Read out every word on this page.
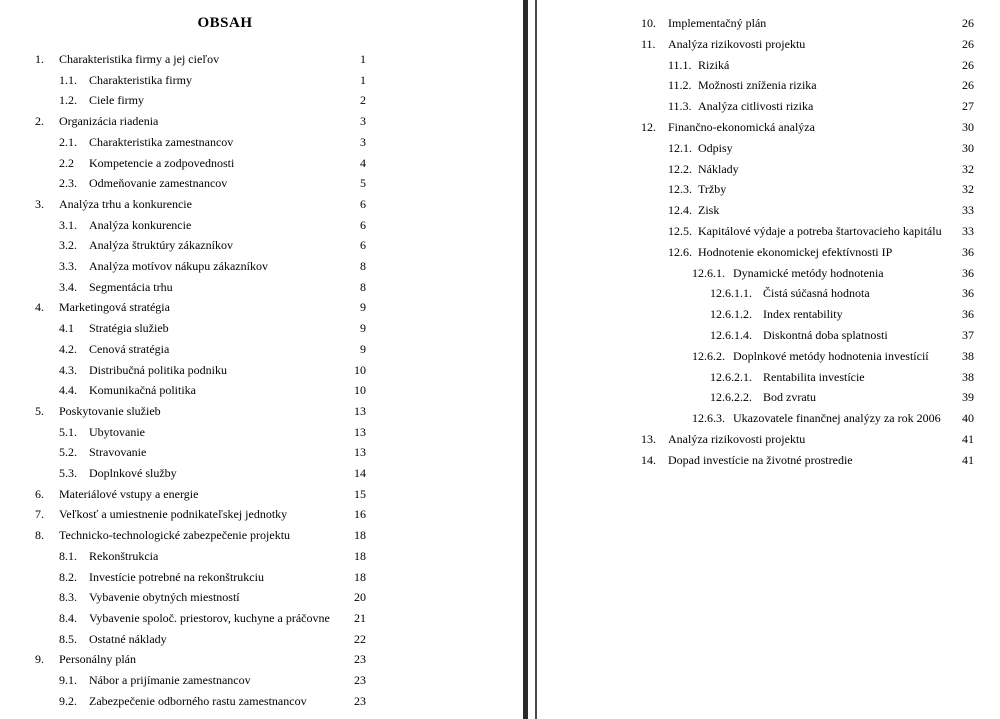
OBSAH
1. Charakteristika firmy a jej cieľov	1
1.1. Charakteristika firmy	1
1.2. Ciele firmy	2
2. Organizácia riadenia	3
2.1. Charakteristika zamestnancov	3
2.2 Kompetencie a zodpovednosti	4
2.3. Odmeňovanie zamestnancov	5
3. Analýza trhu a konkurencie	6
3.1. Analýza konkurencie	6
3.2. Analýza štruktúry zákazníkov	6
3.3. Analýza motívov nákupu zákazníkov	8
3.4. Segmentácia trhu	8
4. Marketingová stratégia	9
4.1 Stratégia služieb	9
4.2. Cenová stratégia	9
4.3. Distribučná politika podniku	10
4.4. Komunikačná politika	10
5. Poskytovanie služieb	13
5.1. Ubytovanie	13
5.2. Stravovanie	13
5.3. Doplnkové služby	14
6. Materiálové vstupy a energie	15
7. Veľkosť a umiestnenie podnikateľskej jednotky	16
8. Technicko-technologické zabezpečenie projektu	18
8.1. Rekonštrukcia	18
8.2. Investície potrebné na rekonštrukciu	18
8.3. Vybavenie obytných miestností	20
8.4. Vybavenie spoloč. priestorov, kuchyne a práčovne	21
8.5. Ostatné náklady	22
9. Personálny plán	23
9.1. Nábor a prijímanie zamestnancov	23
9.2. Zabezpečenie odborného rastu zamestnancov	23
10. Implementačný plán	26
11. Analýza rizikovosti projektu	26
11.1. Riziká	26
11.2. Možnosti zníženia rizika	26
11.3. Analýza citlivosti rizika	27
12. Finančno-ekonomická analýza	30
12.1. Odpisy	30
12.2. Náklady	32
12.3. Tržby	32
12.4. Zisk	33
12.5. Kapitálové výdaje a potreba štartovacieho kapitálu	33
12.6. Hodnotenie ekonomickej efektívnosti IP	36
12.6.1. Dynamické metódy hodnotenia	36
12.6.1.1. Čistá súčasná hodnota	36
12.6.1.2. Index rentability	36
12.6.1.4. Diskontná doba splatnosti	37
12.6.2. Doplnkové metódy hodnotenia investícií	38
12.6.2.1. Rentabilita investície	38
12.6.2.2. Bod zvratu	39
12.6.3. Ukazovatele finančnej analýzy za rok 2006	40
13. Analýza rizikovosti projektu	41
14. Dopad investície na životné prostredie	41
